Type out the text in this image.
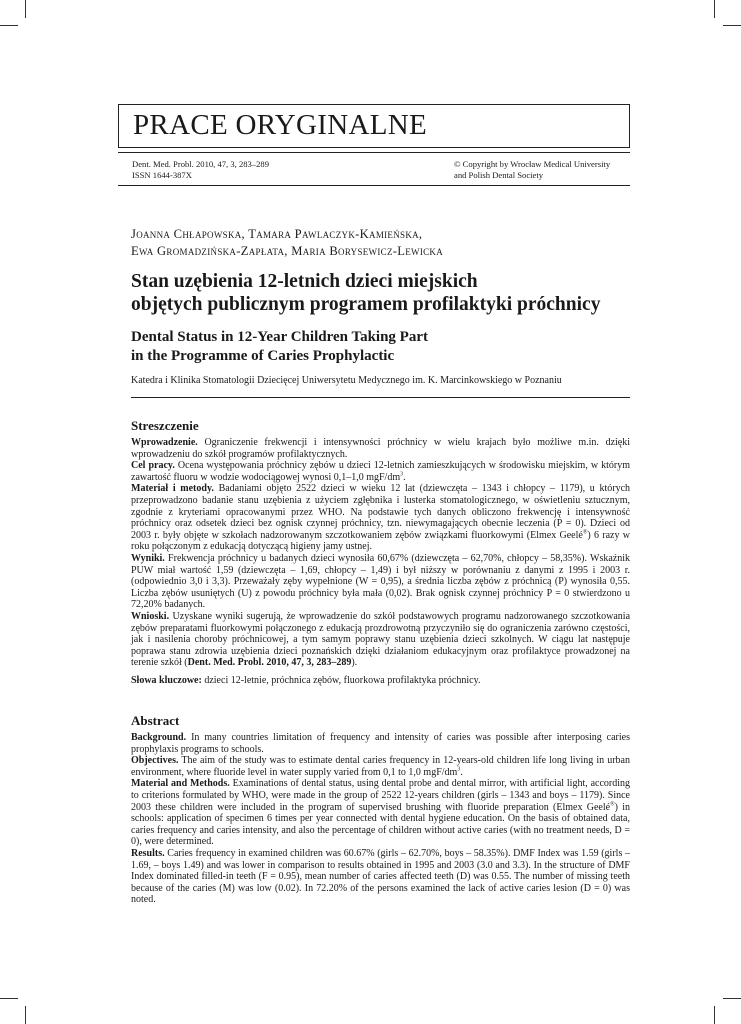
PRACE ORYGINALNE
Dent. Med. Probl. 2010, 47, 3, 283–289
ISSN 1644-387X
© Copyright by Wrocław Medical University
and Polish Dental Society
Joanna Chłapowska, Tamara Pawlaczyk-Kamieńska,
Ewa Gromadzińska-Zapłata, Maria Borysewicz-Lewicka
Stan uzębienia 12-letnich dzieci miejskich
objętych publicznym programem profilaktyki próchnicy
Dental Status in 12-Year Children Taking Part
in the Programme of Caries Prophylactic
Katedra i Klinika Stomatologii Dziecięcej Uniwersytetu Medycznego im. K. Marcinkowskiego w Poznaniu
Streszczenie

Wprowadzenie. Ograniczenie frekwencji i intensywności próchnicy w wielu krajach było możliwe m.in. dzięki wprowadzeniu do szkół programów profilaktycznych.

Cel pracy. Ocena występowania próchnicy zębów u dzieci 12-letnich zamieszkujących w środowisku miejskim, w którym zawartość fluoru w wodzie wodociągowej wynosi 0,1–1,0 mgF/$dm^3$.

Materiał i metody. Badaniami objęto 2522 dzieci w wieku 12 lat (dziewczęta – 1343 i chłopcy – 1179), u których przeprowadzono badanie stanu uzębienia z użyciem zgłębnika i lusterka stomatologicznego, w oświetleniu sztucznym, zgodnie z kryteriami opracowanymi przez WHO. Na podstawie tych danych obliczono frekwencję i intensywność próchnicy oraz odsetek dzieci bez ognisk czynnej próchnicy, tzn. niewymagających obecnie leczenia (P = 0). Dzieci od 2003 r. były objęte w szkołach nadzorowanym szczotkowaniem zębów związkami fluorkowymi (Elmex Geelé®) 6 razy w roku połączonym z edukacją dotyczącą higieny jamy ustnej.

Wyniki. Frekwencja próchnicy u badanych dzieci wynosiła 60,67% (dziewczęta – 62,70%, chłopcy – 58,35%). Wskaźnik PUW miał wartość 1,59 (dziewczęta – 1,69, chłopcy – 1,49) i był niższy w porównaniu z danymi z 1995 i 2003 r. (odpowiednio 3,0 i 3,3). Przeważały zęby wypełnione (W = 0,95), a średnia liczba zębów z próchnicą (P) wynosiła 0,55. Liczba zębów usuniętych (U) z powodu próchnicy była mała (0,02). Brak ognisk czynnej próchnicy P = 0 stwierdzono u 72,20% badanych.

Wnioski. Uzyskane wyniki sugerują, że wprowadzenie do szkół podstawowych programu nadzorowanego szczotkowania zębów preparatami fluorkowymi połączonego z edukacją prozdrowotną przyczyniło się do ograniczenia zarówno częstości, jak i nasilenia choroby próchnicowej, a tym samym poprawy stanu uzębienia dzieci szkolnych. W ciągu lat następuje poprawa stanu zdrowia uzębienia dzieci poznańskich dzięki działaniom edukacyjnym oraz profilaktyce prowadzonej na terenie szkół (Dent. Med. Probl. 2010, 47, 3, 283–289).

Słowa kluczowe: dzieci 12-letnie, próchnica zębów, fluorkowa profilaktyka próchnicy.

Abstract

Background. In many countries limitation of frequency and intensity of caries was possible after interposing caries prophylaxis programs to schools.

Objectives. The aim of the study was to estimate dental caries frequency in 12-years-old children life long living in urban environment, where fluoride level in water supply varied from 0,1 to 1,0 mgF/$dm^3$.

Material and Methods. Examinations of dental status, using dental probe and dental mirror, with artificial light, according to criterions formulated by WHO, were made in the group of 2522 12-years children (girls – 1343 and boys – 1179). Since 2003 these children were included in the program of supervised brushing with fluoride preparation (Elmex Geelé®) in schools: application of specimen 6 times per year connected with dental hygiene education. On the basis of obtained data, caries frequency and caries intensity, and also the percentage of children without active caries (with no treatment needs, D = 0), were determined.

Results. Caries frequency in examined children was 60.67% (girls – 62.70%, boys – 58.35%). DMF Index was 1.59 (girls – 1.69, – boys 1.49) and was lower in comparison to results obtained in 1995 and 2003 (3.0 and 3.3). In the structure of DMF Index dominated filled-in teeth (F = 0.95), mean number of caries affected teeth (D) was 0.55. The number of missing teeth because of the caries (M) was low (0.02). In 72.20% of the persons examined the lack of active caries lesion (D = 0) was noted.
